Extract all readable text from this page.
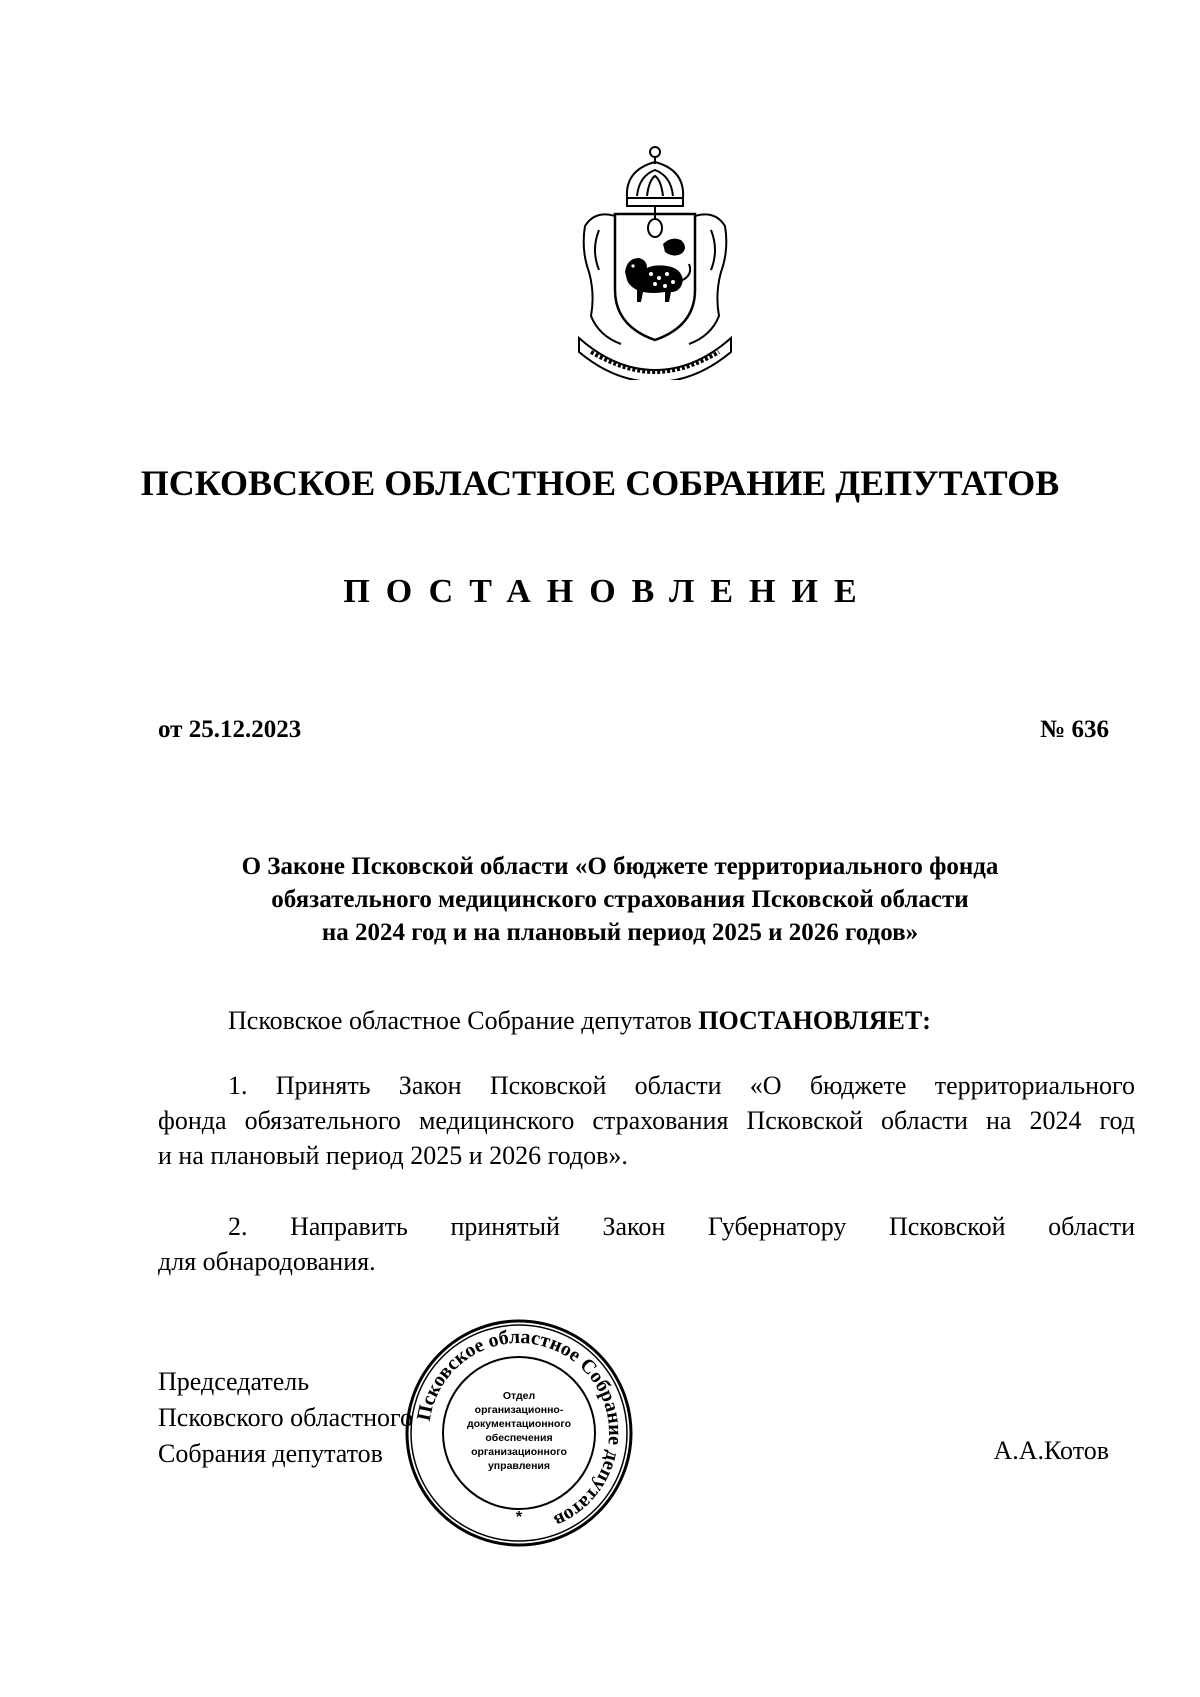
ПСКОВСКОЕ ОБЛАСТНОЕ СОБРАНИЕ ДЕПУТАТОВ
ПОСТАНОВЛЕНИЕ
от 25.12.2023	№ 636
О Законе Псковской области «О бюджете территориального фонда
обязательного медицинского страхования Псковской области
на 2024 год и на плановый период 2025 и 2026 годов»
Псковское областное Собрание депутатов ПОСТАНОВЛЯЕТ:
1. Принять Закон Псковской области «О бюджете территориального
фонда обязательного медицинского страхования Псковской области на 2024 год
и на плановый период 2025 и 2026 годов».
2. Направить принятый Закон Губернатору Псковской области
для обнародования.
Председатель
Псковского областного
Собрания депутатов	А.А.Котов
Псковское областное Собрание депутатов
Отдел
организационно-
документационного
обеспечения
организационного
управления
*
